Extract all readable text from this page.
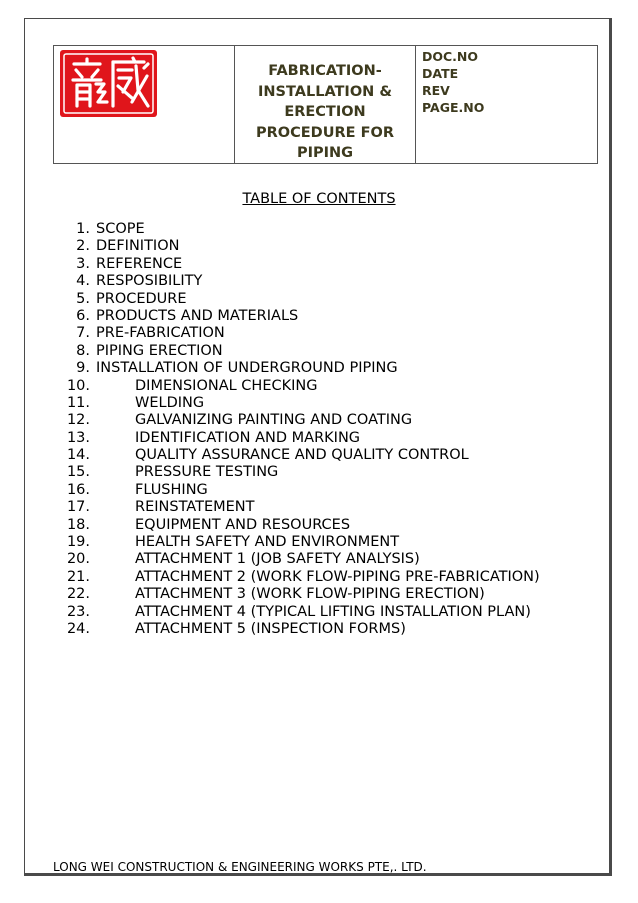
FABRICATION-
INSTALLATION &
ERECTION
PROCEDURE FOR
PIPING
DOC.NO
DATE
REV
PAGE.NO
TABLE OF CONTENTS
1. SCOPE
2. DEFINITION
3. REFERENCE
4. RESPOSIBILITY
5. PROCEDURE
6. PRODUCTS AND MATERIALS
7. PRE-FABRICATION
8. PIPING ERECTION
9. INSTALLATION OF UNDERGROUND PIPING
10.	DIMENSIONAL CHECKING
11.	WELDING
12.	GALVANIZING PAINTING AND COATING
13.	IDENTIFICATION AND MARKING
14.	QUALITY ASSURANCE AND QUALITY CONTROL
15.	PRESSURE TESTING
16.	FLUSHING
17.	REINSTATEMENT
18.	EQUIPMENT AND RESOURCES
19.	HEALTH SAFETY AND ENVIRONMENT
20.	ATTACHMENT 1 (JOB SAFETY ANALYSIS)
21.	ATTACHMENT 2 (WORK FLOW-PIPING PRE-FABRICATION)
22.	ATTACHMENT 3 (WORK FLOW-PIPING ERECTION)
23.	ATTACHMENT 4 (TYPICAL LIFTING INSTALLATION PLAN)
24.	ATTACHMENT 5 (INSPECTION FORMS)
LONG WEI CONSTRUCTION & ENGINEERING WORKS PTE,. LTD.
